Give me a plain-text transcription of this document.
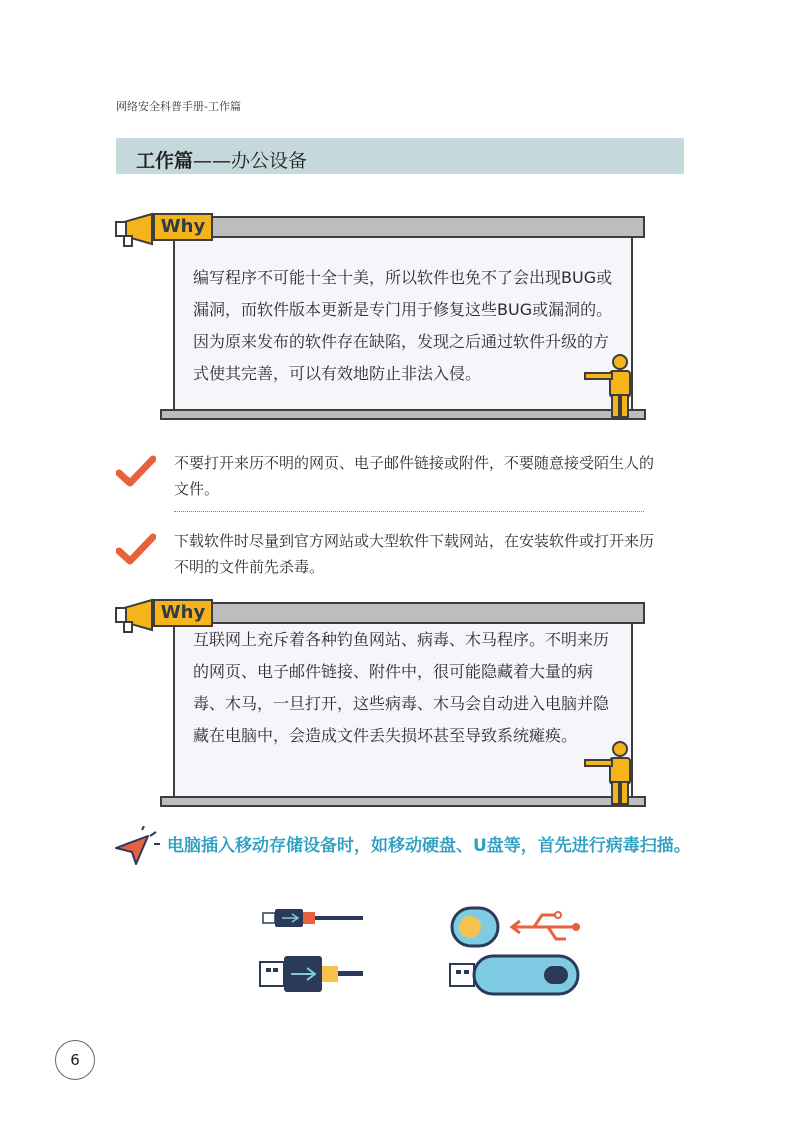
网络安全科普手册-工作篇
工作篇——办公设备
Why
编写程序不可能十全十美，所以软件也免不了会出现BUG或漏洞，而软件版本更新是专门用于修复这些BUG或漏洞的。因为原来发布的软件存在缺陷，发现之后通过软件升级的方式使其完善，可以有效地防止非法入侵。
不要打开来历不明的网页、电子邮件链接或附件，不要随意接受陌生人的文件。
下载软件时尽量到官方网站或大型软件下载网站，在安装软件或打开来历不明的文件前先杀毒。
Why
互联网上充斥着各种钓鱼网站、病毒、木马程序。不明来历的网页、电子邮件链接、附件中，很可能隐藏着大量的病毒、木马，一旦打开，这些病毒、木马会自动进入电脑并隐藏在电脑中，会造成文件丢失损坏甚至导致系统瘫痪。
电脑插入移动存储设备时，如移动硬盘、U盘等，首先进行病毒扫描。
6
